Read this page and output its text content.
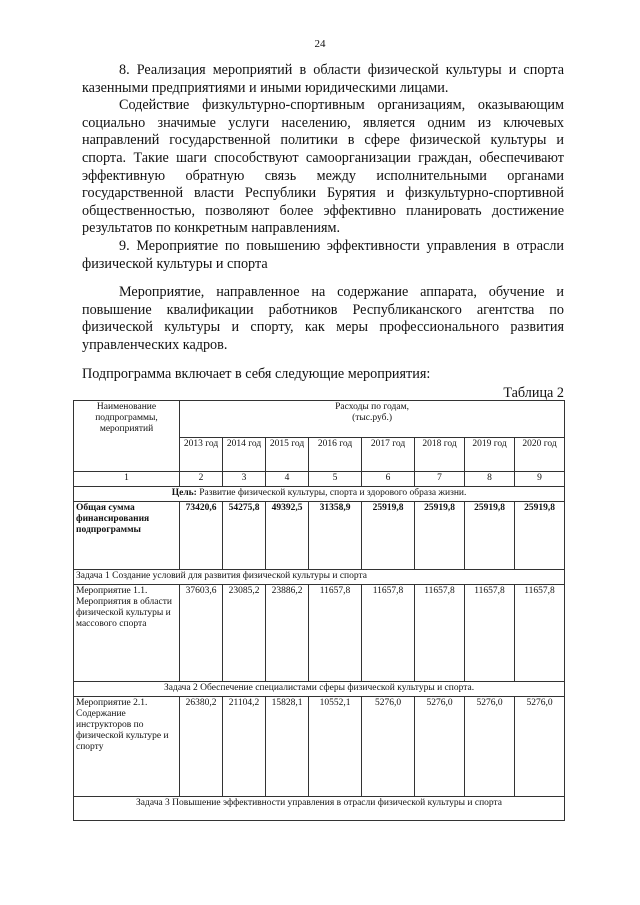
24

8. Реализация мероприятий в области физической культуры и спорта казенными предприятиями и иными юридическими лицами.

Содействие физкультурно-спортивным организациям, оказывающим социально значимые услуги населению, является одним из ключевых направлений государственной политики в сфере физической культуры и спорта. Такие шаги способствуют самоорганизации граждан, обеспечивают эффективную обратную связь между исполнительными органами государственной власти Республики Бурятия и физкультурно-спортивной общественностью, позволяют более эффективно планировать достижение результатов по конкретным направлениям.

9. Мероприятие по повышению эффективности управления в отрасли физической культуры и спорта

Мероприятие, направленное на содержание аппарата, обучение и повышение квалификации работников Республиканского агентства по физической культуры и спорту, как меры профессионального развития управленческих кадров.

Подпрограмма включает в себя следующие мероприятия:

Таблица 2
Наименование подпрограммы, мероприятий	Расходы по годам,
(тыс.руб.)							
	2013 год	2014 год	2015 год	2016 год	2017 год	2018 год	2019 год	2020 год
1	2	3	4	5	6	7	8	9
Цель: Развитие физической культуры, спорта и здорового образа жизни.								
Общая сумма финансирования подпрограммы	73420,6	54275,8	49392,5	31358,9	25919,8	25919,8	25919,8	25919,8
Задача 1 Создание условий для развития физической культуры и спорта								
Мероприятие 1.1. Мероприятия в области физической культуры и массового спорта	37603,6	23085,2	23886,2	11657,8	11657,8	11657,8	11657,8	11657,8
Задача 2 Обеспечение специалистами сферы физической культуры и спорта.								
Мероприятие 2.1. Содержание инструкторов по физической культуре и спорту	26380,2	21104,2	15828,1	10552,1	5276,0	5276,0	5276,0	5276,0
Задача 3 Повышение эффективности управления в отрасли физической культуры и спорта								
